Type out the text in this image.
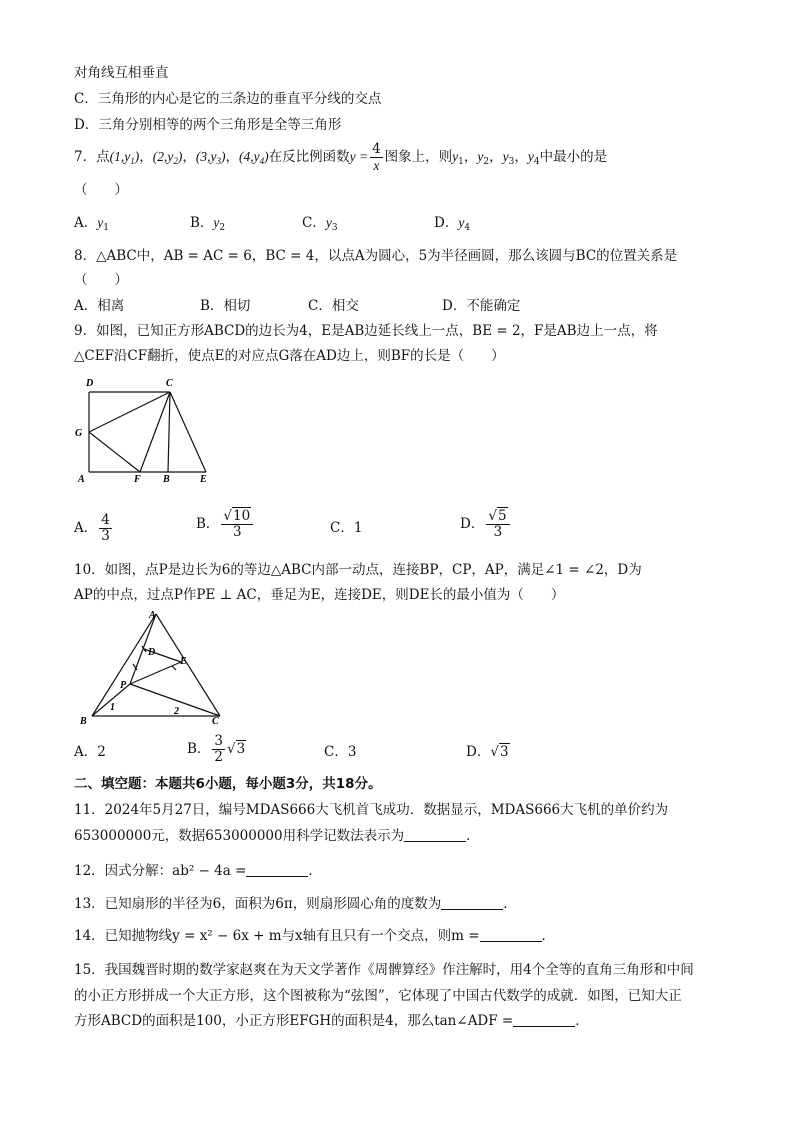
对角线互相垂直
C．三角形的内心是它的三条边的垂直平分线的交点
D．三角分别相等的两个三角形是全等三角形
7．点$(1,y_1)$，$(2,y_2)$，$(3,y_3)$，$(4,y_4)$在反比例函数$y = \frac{4}{x}$ 图象上，则$y_1$，$y_2$，$y_3$，$y_4$中最小的是
（　　）
A．$y_1$	B．$y_2$	C．$y_3$	D．$y_4$
8．△ABC中，AB = AC = 6，BC = 4，以点A为圆心，5为半径画圆，那么该圆与BC的位置关系是
（　　）
A．相离	B．相切	C．相交	D．不能确定
9．如图，已知正方形ABCD的边长为4，E是AB边延长线上一点，BE = 2，F是AB边上一点，将
△CEF沿CF翻折，使点E的对应点G落在AD边上，则BF的长是（　　）
D	C
G
A	F B	E
A． $\frac{4}{3}$	B． $\frac{√10}{3}$	C．1	D． $\frac{√5}{3}$
10．如图，点P是边长为6的等边△ABC内部一动点，连接BP，CP，AP，满足∠1 = ∠2，D为
AP的中点，过点P作PE ⊥ AC，垂足为E，连接DE，则DE长的最小值为（　　）
A
D
E
P
1	2
B	C
A．2	B． $\frac{3}{2} √3$	C．3	D．√3
二、填空题：本题共6小题，每小题3分，共18分。
11．2024年5月27日，编号MDAS666大飞机首飞成功．数据显示，MDAS666大飞机的单价约为
653000000元，数据653000000用科学记数法表示为	．
12．因式分解：ab² − 4a =	．
13．已知扇形的半径为6，面积为6π，则扇形圆心角的度数为	．
14．已知抛物线y = x² − 6x + m与x轴有且只有一个交点，则m =	．
15．我国魏晋时期的数学家赵爽在为天文学著作《周髀算经》作注解时，用4个全等的直角三角形和中间
的小正方形拼成一个大正方形，这个图被称为“弦图”，它体现了中国古代数学的成就．如图，已知大正
方形ABCD的面积是100，小正方形EFGH的面积是4，那么tan∠ADF =	．
